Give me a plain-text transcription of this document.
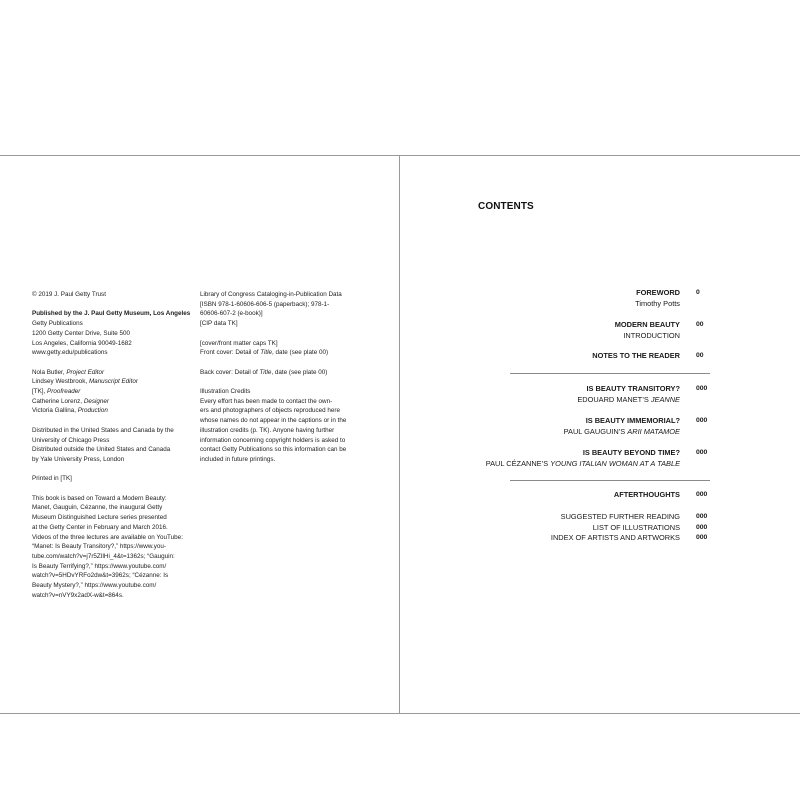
© 2019 J. Paul Getty Trust
Published by the J. Paul Getty Museum, Los Angeles
Getty Publications
1200 Getty Center Drive, Suite 500
Los Angeles, California 90049-1682
www.getty.edu/publications
Nola Butler, Project Editor
Lindsey Westbrook, Manuscript Editor
[TK], Proofreader
Catherine Lorenz, Designer
Victoria Gallina, Production
Distributed in the United States and Canada by the
University of Chicago Press
Distributed outside the United States and Canada
by Yale University Press, London
Printed in [TK]
This book is based on Toward a Modern Beauty:
Manet, Gauguin, Cézanne, the inaugural Getty
Museum Distinguished Lecture series presented
at the Getty Center in February and March 2016.
Videos of the three lectures are available on YouTube:
“Manet: Is Beauty Transitory?,” https://www.you-
tube.com/watch?v=j7r5ZIlHi_4&t=1362s; “Gauguin:
Is Beauty Terrifying?,” https://www.youtube.com/
watch?v=5HDvYRFo2dw&t=3962s; “Cézanne: Is
Beauty Mystery?,” https://www.youtube.com/
watch?v=nVY9x2adX-w&t=864s.
Library of Congress Cataloging-in-Publication Data
[ISBN 978-1-60606-606-5 (paperback); 978-1-
60606-607-2 (e-book)]
[CIP data TK]
[cover/front matter caps TK]
Front cover: Detail of Title, date (see plate 00)
Back cover: Detail of Title, date (see plate 00)
Illustration Credits
Every effort has been made to contact the own-
ers and photographers of objects reproduced here
whose names do not appear in the captions or in the
illustration credits (p. TK). Anyone having further
information concerning copyright holders is asked to
contact Getty Publications so this information can be
included in future printings.
CONTENTS
FOREWORD
Timothy Potts
0
MODERN BEAUTY
INTRODUCTION
00
NOTES TO THE READER 00
IS BEAUTY TRANSITORY?
EDOUARD MANET’S JEANNE
000
IS BEAUTY IMMEMORIAL?
PAUL GAUGUIN’S ARII MATAMOE
000
IS BEAUTY BEYOND TIME?
PAUL CÉZANNE’S YOUNG ITALIAN WOMAN AT A TABLE
000
AFTERTHOUGHTS 000
SUGGESTED FURTHER READING 000
LIST OF ILLUSTRATIONS 000
INDEX OF ARTISTS AND ARTWORKS 000
